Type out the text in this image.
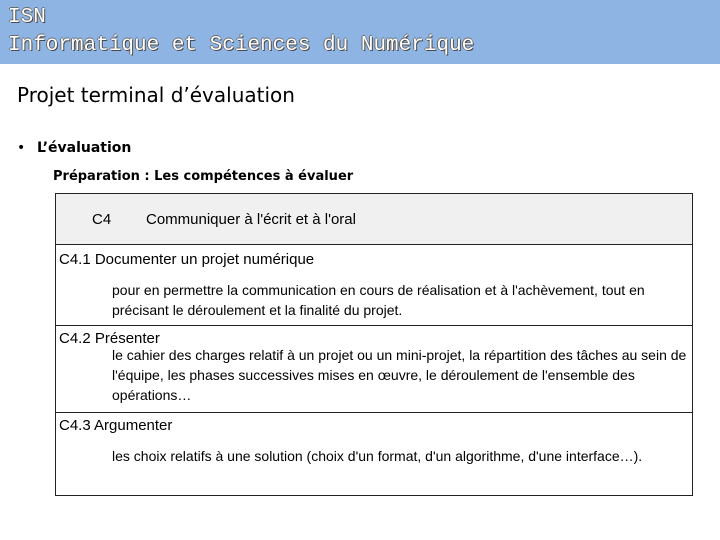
ISN
Informatique et Sciences du Numérique
Projet terminal d’évaluation
• L’évaluation
Préparation : Les compétences à évaluer
C4 Communiquer à l'écrit et à l'oral
C4.1 Documenter un projet numérique
pour en permettre la communication en cours de réalisation et à l'achèvement, tout en précisant le déroulement et la finalité du projet.
C4.2 Présenter
le cahier des charges relatif à un projet ou un mini-projet, la répartition des tâches au sein de l'équipe, les phases successives mises en œuvre, le déroulement de l'ensemble des opérations…
C4.3 Argumenter
les choix relatifs à une solution (choix d'un format, d'un algorithme, d'une interface…).
